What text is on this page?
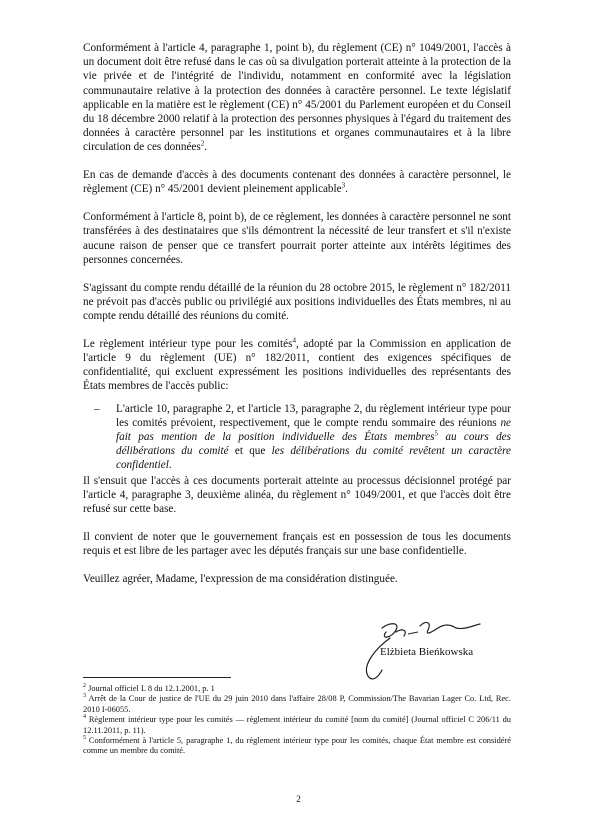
Conformément à l'article 4, paragraphe 1, point b), du règlement (CE) n° 1049/2001, l'accès à un document doit être refusé dans le cas où sa divulgation porterait atteinte à la protection de la vie privée et de l'intégrité de l'individu, notamment en conformité avec la législation communautaire relative à la protection des données à caractère personnel. Le texte législatif applicable en la matière est le règlement (CE) n° 45/2001 du Parlement européen et du Conseil du 18 décembre 2000 relatif à la protection des personnes physiques à l'égard du traitement des données à caractère personnel par les institutions et organes communautaires et à la libre circulation de ces données$^2$.

En cas de demande d'accès à des documents contenant des données à caractère personnel, le règlement (CE) n° 45/2001 devient pleinement applicable$^3$.

Conformément à l'article 8, point b), de ce règlement, les données à caractère personnel ne sont transférées à des destinataires que s'ils démontrent la nécessité de leur transfert et s'il n'existe aucune raison de penser que ce transfert pourrait porter atteinte aux intérêts légitimes des personnes concernées.

S'agissant du compte rendu détaillé de la réunion du 28 octobre 2015, le règlement n° 182/2011 ne prévoit pas d'accès public ou privilégié aux positions individuelles des États membres, ni au compte rendu détaillé des réunions du comité.

Le règlement intérieur type pour les comités$^4$, adopté par la Commission en application de l'article 9 du règlement (UE) n° 182/2011, contient des exigences spécifiques de confidentialité, qui excluent expressément les positions individuelles des représentants des États membres de l'accès public:

–	L'article 10, paragraphe 2, et l'article 13, paragraphe 2, du règlement intérieur type pour les comités prévoient, respectivement, que le compte rendu sommaire des réunions ne fait pas mention de la position individuelle des États membres$^5$ au cours des délibérations du comité et que les délibérations du comité revêtent un caractère confidentiel.

Il s'ensuit que l'accès à ces documents porterait atteinte au processus décisionnel protégé par l'article 4, paragraphe 3, deuxième alinéa, du règlement n° 1049/2001, et que l'accès doit être refusé sur cette base.

Il convient de noter que le gouvernement français est en possession de tous les documents requis et est libre de les partager avec les députés français sur une base confidentielle.

Veuillez agréer, Madame, l'expression de ma considération distinguée.

Elżbieta Bieńkowska
$^2$ Journal officiel L 8 du 12.1.2001, p. 1
$^3$ Arrêt de la Cour de justice de l'UE du 29 juin 2010 dans l'affaire 28/08 P, Commission/The Bavarian Lager Co. Ltd, Rec. 2010 I-06055.
$^4$ Règlement intérieur type pour les comités — règlement intérieur du comité [nom du comité] (Journal officiel C 206/11 du 12.11.2011, p. 11).
$^5$ Conformément à l'article 5, paragraphe 1, du règlement intérieur type pour les comités, chaque État membre est considéré comme un membre du comité.
2
